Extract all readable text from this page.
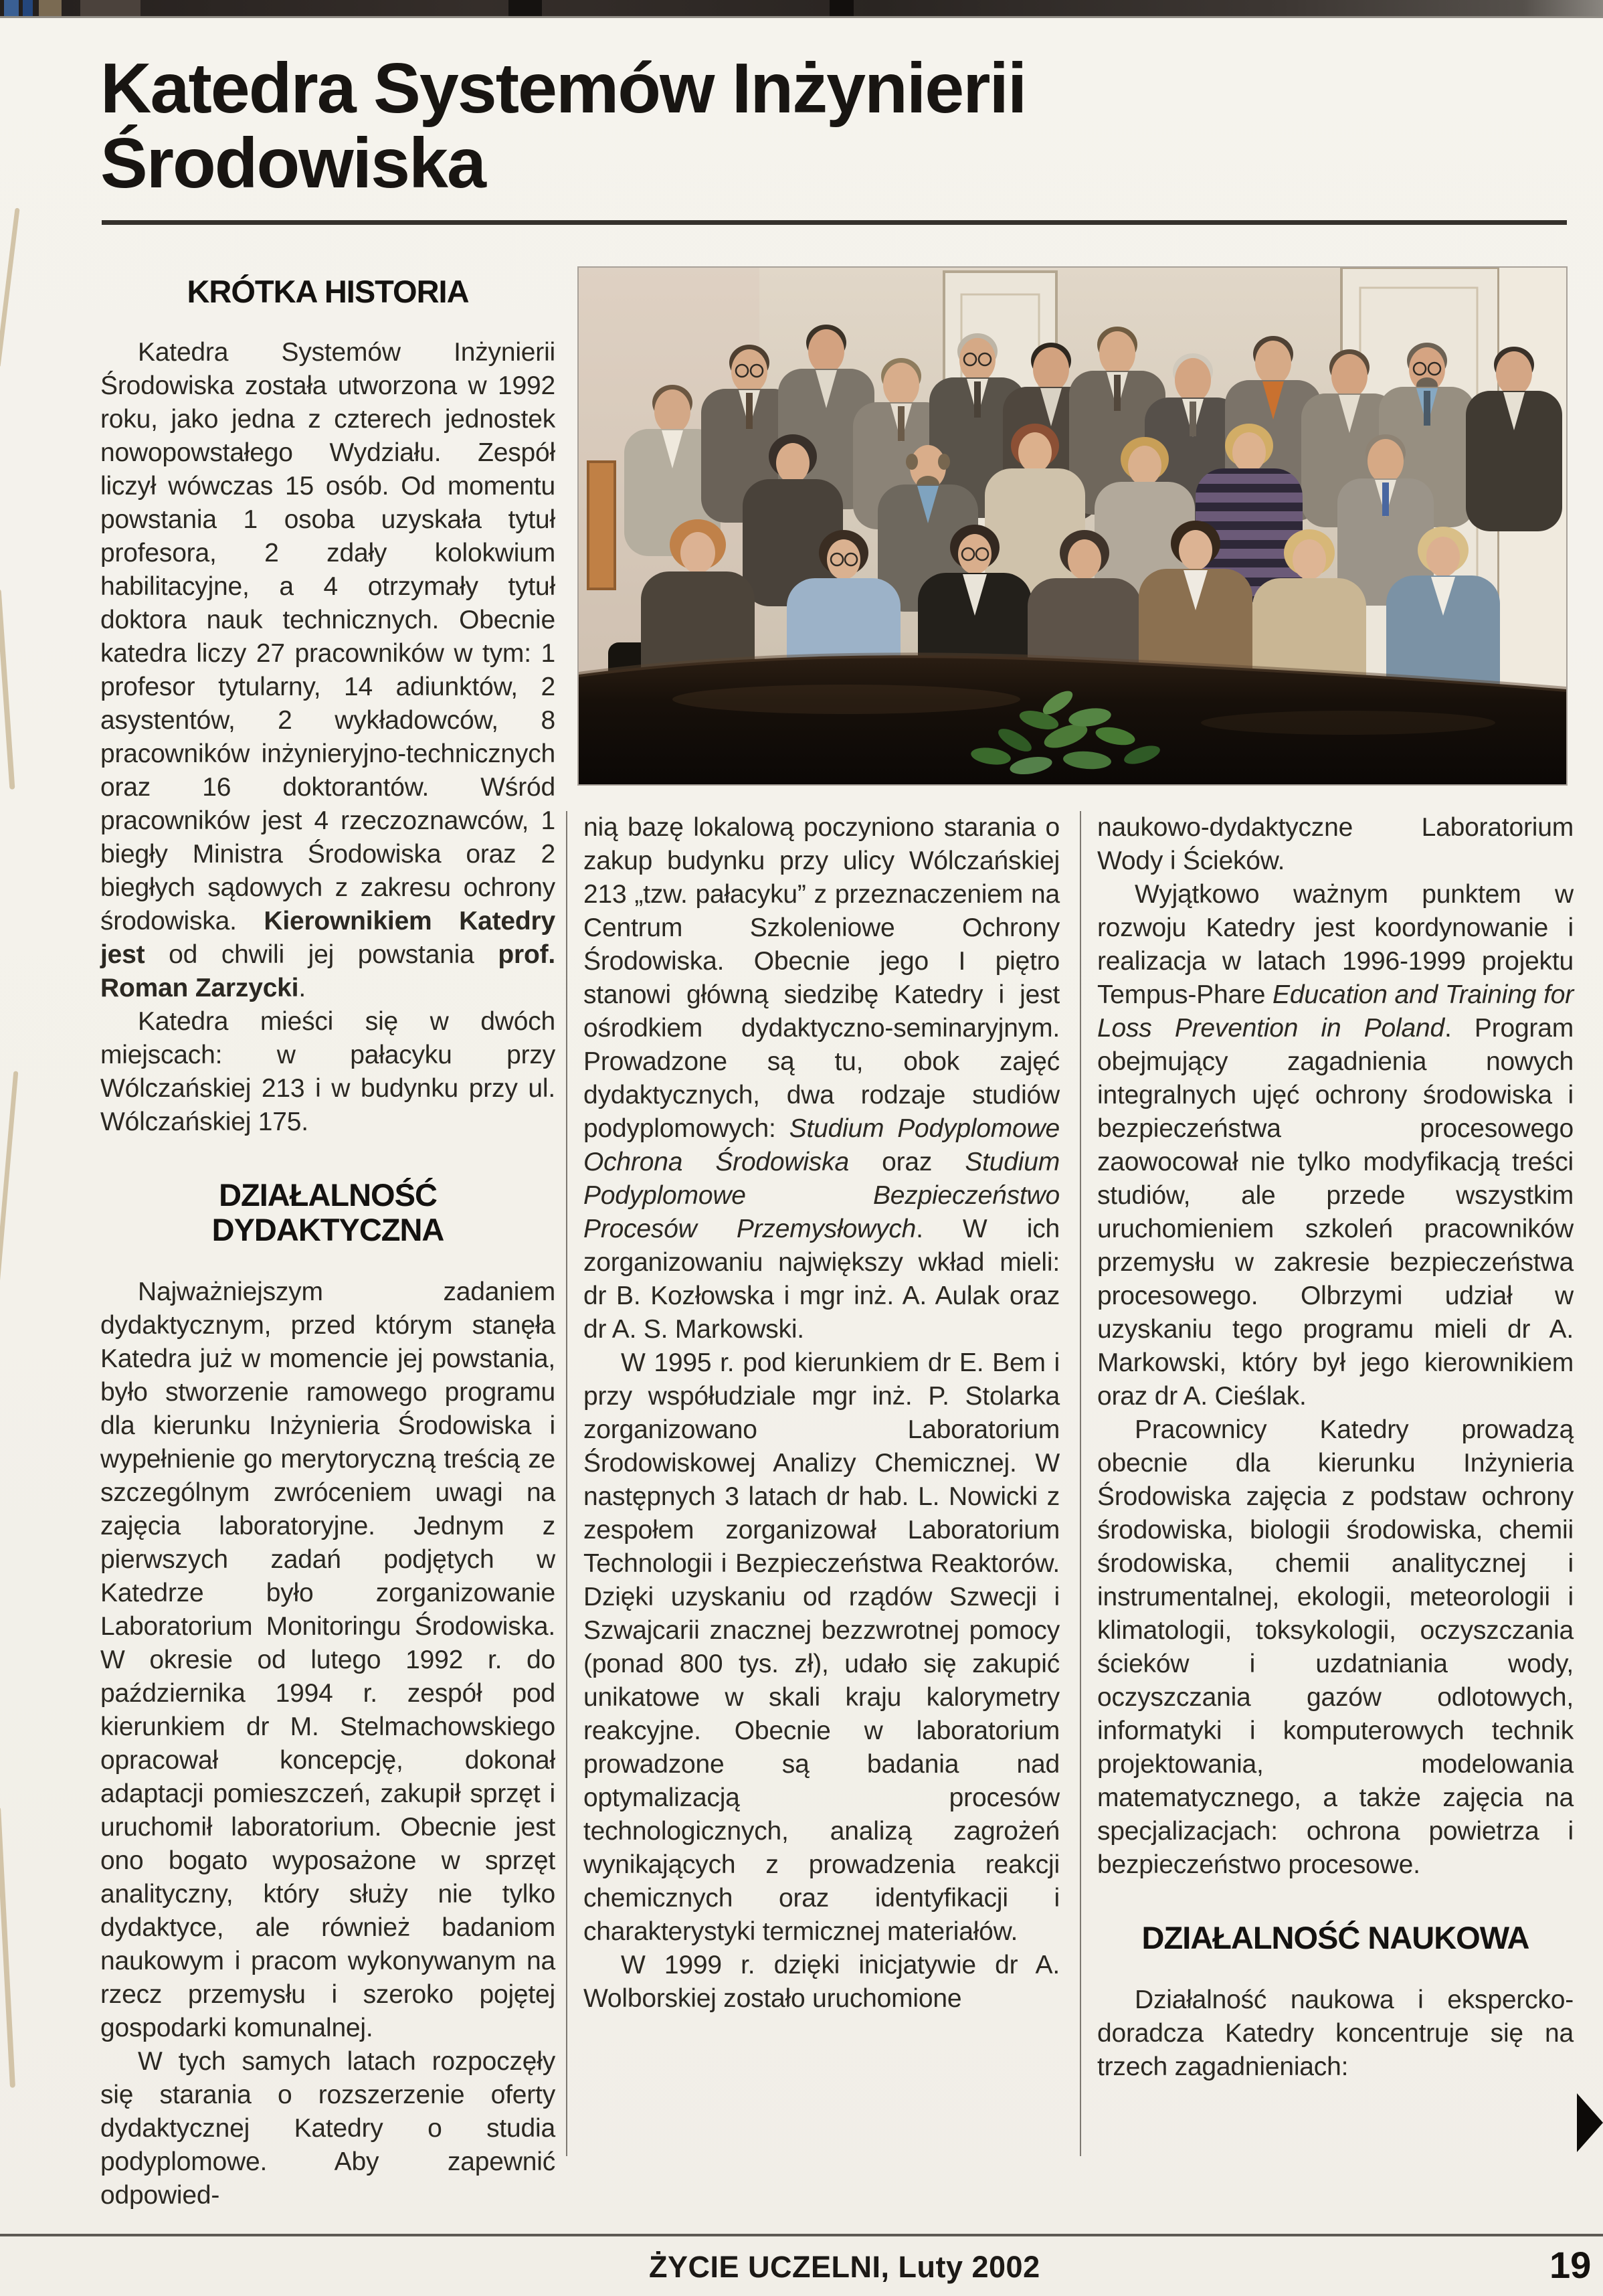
Katedra Systemów Inżynierii
Środowiska
KRÓTKA HISTORIA

Katedra Systemów Inżynierii Środowiska została utworzona w 1992 roku, jako jedna z czterech jednostek nowopowstałego Wydziału. Zespół liczył wówczas 15 osób. Od momentu powstania 1 osoba uzyskała tytuł profesora, 2 zdały kolokwium habilitacyjne, a 4 otrzymały tytuł doktora nauk technicznych. Obecnie katedra liczy 27 pracowników w tym: 1 profesor tytularny, 14 adiunktów, 2 asystentów, 2 wykładowców, 8 pracowników inżynieryjno-technicznych oraz 16 doktorantów. Wśród pracowników jest 4 rzeczoznawców, 1 biegły Ministra Środowiska oraz 2 biegłych sądowych z zakresu ochrony środowiska. Kierownikiem Katedry jest od chwili jej powstania prof. Roman Zarzycki.

Katedra mieści się w dwóch miejscach: w pałacyku przy Wólczańskiej 213 i w budynku przy ul. Wólczańskiej 175.

DZIAŁALNOŚĆ DYDAKTYCZNA

Najważniejszym zadaniem dydaktycznym, przed którym stanęła Katedra już w momencie jej powstania, było stworzenie ramowego programu dla kierunku Inżynieria Środowiska i wypełnienie go merytoryczną treścią ze szczególnym zwróceniem uwagi na zajęcia laboratoryjne. Jednym z pierwszych zadań podjętych w Katedrze było zorganizowanie Laboratorium Monitoringu Środowiska. W okresie od lutego 1992 r. do października 1994 r. zespół pod kierunkiem dr M. Stelmachowskiego opracował koncepcję, dokonał adaptacji pomieszczeń, zakupił sprzęt i uruchomił laboratorium. Obecnie jest ono bogato wyposażone w sprzęt analityczny, który służy nie tylko dydaktyce, ale również badaniom naukowym i pracom wykonywanym na rzecz przemysłu i szeroko pojętej gospodarki komunalnej.

W tych samych latach rozpoczęły się starania o rozszerzenie oferty dydaktycznej Katedry o studia podyplomowe. Aby zapewnić odpowied-

nią bazę lokalową poczyniono starania o zakup budynku przy ulicy Wólczańskiej 213 „tzw. pałacyku” z przeznaczeniem na Centrum Szkoleniowe Ochrony Środowiska. Obecnie jego I piętro stanowi główną siedzibę Katedry i jest ośrodkiem dydaktyczno-seminaryjnym. Prowadzone są tu, obok zajęć dydaktycznych, dwa rodzaje studiów podyplomowych: Studium Podyplomowe Ochrona Środowiska oraz Studium Podyplomowe Bezpieczeństwo Procesów Przemysłowych. W ich zorganizowaniu największy wkład mieli: dr B. Kozłowska i mgr inż. A. Aulak oraz dr A. S. Markowski.

W 1995 r. pod kierunkiem dr E. Bem i przy współudziale mgr inż. P. Stolarka zorganizowano Laboratorium Środowiskowej Analizy Chemicznej. W następnych 3 latach dr hab. L. Nowicki z zespołem zorganizował Laboratorium Technologii i Bezpieczeństwa Reaktorów. Dzięki uzyskaniu od rządów Szwecji i Szwajcarii znacznej bezzwrotnej pomocy (ponad 800 tys. zł), udało się zakupić unikatowe w skali kraju kalorymetry reakcyjne. Obecnie w laboratorium prowadzone są badania nad optymalizacją procesów technologicznych, analizą zagrożeń wynikających z prowadzenia reakcji chemicznych oraz identyfikacji i charakterystyki termicznej materiałów.

W 1999 r. dzięki inicjatywie dr A. Wolborskiej zostało uruchomione

naukowo-dydaktyczne Laboratorium Wody i Ścieków.

Wyjątkowo ważnym punktem w rozwoju Katedry jest koordynowanie i realizacja w latach 1996-1999 projektu Tempus-Phare Education and Training for Loss Prevention in Poland. Program obejmujący zagadnienia nowych integralnych ujęć ochrony środowiska i bezpieczeństwa procesowego zaowocował nie tylko modyfikacją treści studiów, ale przede wszystkim uruchomieniem szkoleń pracowników przemysłu w zakresie bezpieczeństwa procesowego. Olbrzymi udział w uzyskaniu tego programu mieli dr A. Markowski, który był jego kierownikiem oraz dr A. Cieślak.

Pracownicy Katedry prowadzą obecnie dla kierunku Inżynieria Środowiska zajęcia z podstaw ochrony środowiska, biologii środowiska, chemii środowiska, chemii analitycznej i instrumentalnej, ekologii, meteorologii i klimatologii, toksykologii, oczyszczania ścieków i uzdatniania wody, oczyszczania gazów odlotowych, informatyki i komputerowych technik projektowania, modelowania matematycznego, a także zajęcia na specjalizacjach: ochrona powietrza i bezpieczeństwo procesowe.

DZIAŁALNOŚĆ NAUKOWA

Działalność naukowa i ekspercko-doradcza Katedry koncentruje się na trzech zagadnieniach:

ŻYCIE UCZELNI, Luty 2002	19
